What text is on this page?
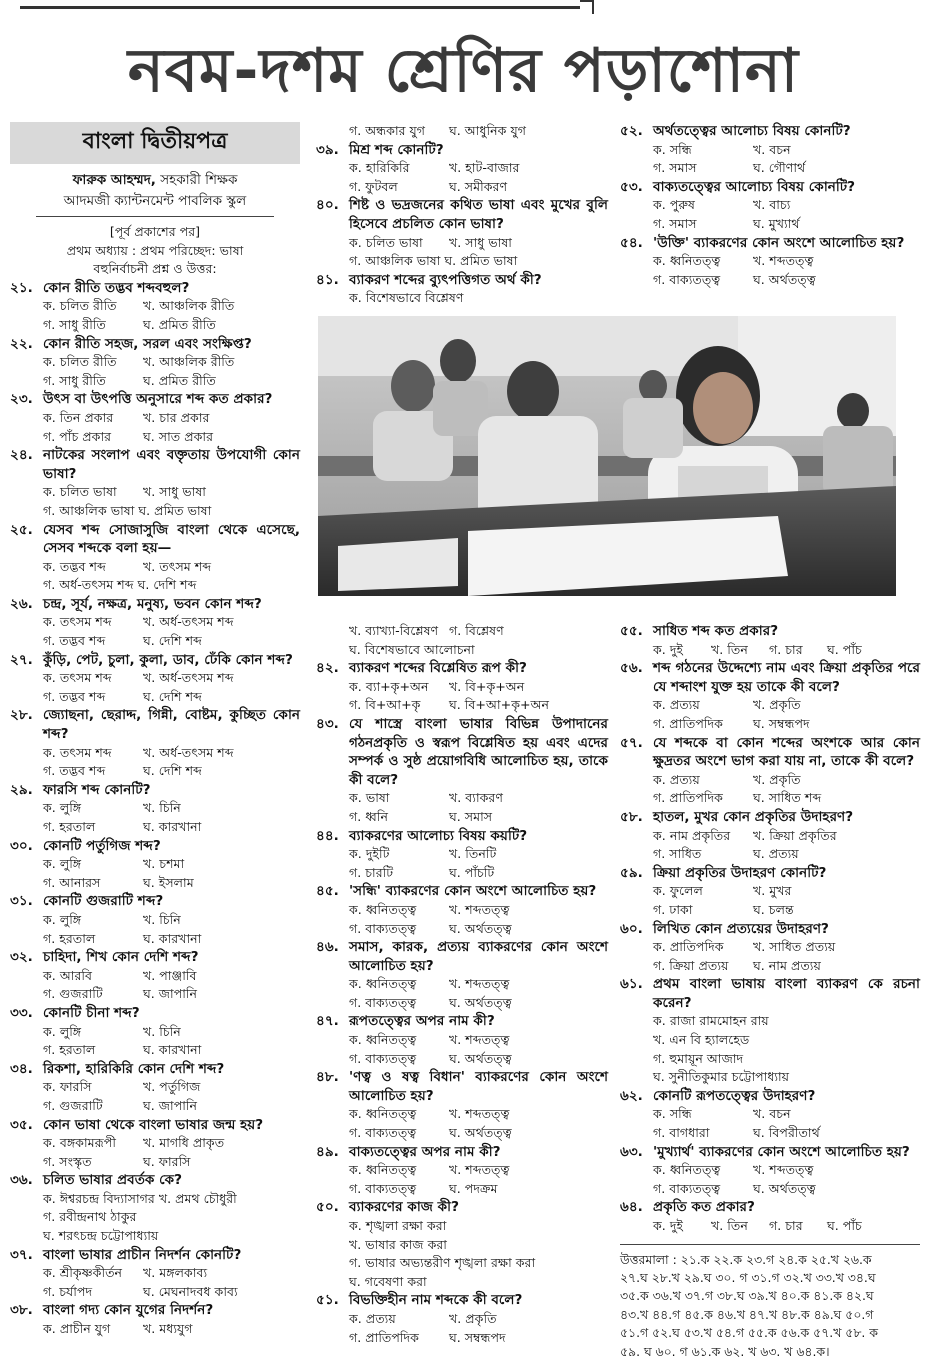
নবম-দশম শ্রেণির পড়াশোনা
বাংলা দ্বিতীয়পত্র
ফারুক আহম্মদ, সহকারী শিক্ষক
আদমজী ক্যান্টনমেন্ট পাবলিক স্কুল
[পূর্ব প্রকাশের পর]
প্রথম অধ্যায় : প্রথম পরিচ্ছেদ: ভাষা
বহুনির্বাচনী প্রশ্ন ও উত্তর:
২১. কোন রীতি তদ্ভব শব্দবহুল?
ক. চলিত রীতি	খ. আঞ্চলিক রীতি
গ. সাধু রীতি	ঘ. প্রমিত রীতি
২২. কোন রীতি সহজ, সরল এবং সংক্ষিপ্ত?
ক. চলিত রীতি	খ. আঞ্চলিক রীতি
গ. সাধু রীতি	ঘ. প্রমিত রীতি
২৩. উৎস বা উৎপত্তি অনুসারে শব্দ কত প্রকার?
ক. তিন প্রকার	খ. চার প্রকার
গ. পাঁচ প্রকার	ঘ. সাত প্রকার
২৪. নাটকের সংলাপ এবং বক্তৃতায় উপযোগী কোন ভাষা?
ক. চলিত ভাষা	খ. সাধু ভাষা
গ. আঞ্চলিক ভাষা ঘ. প্রমিত ভাষা
২৫. যেসব শব্দ সোজাসুজি বাংলা থেকে এসেছে, সেসব শব্দকে বলা হয়—
ক. তদ্ভব শব্দ	খ. তৎসম শব্দ
গ. অর্ধ-তৎসম শব্দ ঘ. দেশি শব্দ
২৬. চন্দ্র, সূর্য, নক্ষত্র, মনুষ্য, ভবন কোন শব্দ?
ক. তৎসম শব্দ	খ. অর্ধ-তৎসম শব্দ
গ. তদ্ভব শব্দ	ঘ. দেশি শব্দ
২৭. কুঁড়ি, পেট, চুলা, কুলা, ডাব, ঢেঁকি কোন শব্দ?
ক. তৎসম শব্দ	খ. অর্ধ-তৎসম শব্দ
গ. তদ্ভব শব্দ	ঘ. দেশি শব্দ
২৮. জ্যোছনা, ছেরাদ্দ, গিন্নী, বোষ্টম, কুচ্ছিত কোন শব্দ?
ক. তৎসম শব্দ	খ. অর্ধ-তৎসম শব্দ
গ. তদ্ভব শব্দ	ঘ. দেশি শব্দ
২৯. ফারসি শব্দ কোনটি?
ক. লুঙ্গি	খ. চিনি
গ. হরতাল	ঘ. কারখানা
৩০. কোনটি পর্তুগিজ শব্দ?
ক. লুঙ্গি	খ. চশমা
গ. আনারস	ঘ. ইসলাম
৩১. কোনটি গুজরাটি শব্দ?
ক. লুঙ্গি	খ. চিনি
গ. হরতাল	ঘ. কারখানা
৩২. চাহিদা, শিখ কোন দেশি শব্দ?
ক. আরবি	খ. পাঞ্জাবি
গ. গুজরাটি	ঘ. জাপানি
৩৩. কোনটি চীনা শব্দ?
ক. লুঙ্গি	খ. চিনি
গ. হরতাল	ঘ. কারখানা
৩৪. রিকশা, হারিকিরি কোন দেশি শব্দ?
ক. ফারসি	খ. পর্তুগিজ
গ. গুজরাটি	ঘ. জাপানি
৩৫. কোন ভাষা থেকে বাংলা ভাষার জন্ম হয়?
ক. বঙ্গকামরূপী	খ. মাগধি প্রাকৃত
গ. সংস্কৃত	ঘ. ফারসি
৩৬. চলিত ভাষার প্রবর্তক কে?
ক. ঈশ্বরচন্দ্র বিদ্যাসাগর খ. প্রমথ চৌধুরী
গ. রবীন্দ্রনাথ ঠাকুর
ঘ. শরৎচন্দ্র চট্টোপাধ্যায়
৩৭. বাংলা ভাষার প্রাচীন নিদর্শন কোনটি?
ক. শ্রীকৃষ্ণকীর্তন	খ. মঙ্গলকাব্য
গ. চর্যাপদ	ঘ. মেঘনাদবধ কাব্য
৩৮. বাংলা গদ্য কোন যুগের নিদর্শন?
ক. প্রাচীন যুগ	খ. মধ্যযুগ
গ. অন্ধকার যুগ	ঘ. আধুনিক যুগ
৩৯. মিশ্র শব্দ কোনটি?
ক. হারিকিরি	খ. হাট-বাজার
গ. ফুটবল	ঘ. সমীকরণ
৪০. শিষ্ট ও ভদ্রজনের কথিত ভাষা এবং মুখের বুলি হিসেবে প্রচলিত কোন ভাষা?
ক. চলিত ভাষা	খ. সাধু ভাষা
গ. আঞ্চলিক ভাষা ঘ. প্রমিত ভাষা
৪১. ব্যাকরণ শব্দের ব্যুৎপত্তিগত অর্থ কী?
ক. বিশেষভাবে বিশ্লেষণ
খ. ব্যাখ্যা-বিশ্লেষণ গ. বিশ্লেষণ
ঘ. বিশেষভাবে আলোচনা
৪২. ব্যাকরণ শব্দের বিশ্লেষিত রূপ কী?
ক. ব্যা+কৃ+অন	খ. বি+কৃ+অন
গ. বি+আ+কৃ	ঘ. বি+আ+কৃ+অন
৪৩. যে শাস্ত্রে বাংলা ভাষার বিভিন্ন উপাদানের গঠনপ্রকৃতি ও স্বরূপ বিশ্লেষিত হয় এবং এদের সম্পর্ক ও সুষ্ঠ প্রয়োগবিধি আলোচিত হয়, তাকে কী বলে?
ক. ভাষা	খ. ব্যাকরণ
গ. ধ্বনি	ঘ. সমাস
৪৪. ব্যাকরণের আলোচ্য বিষয় কয়টি?
ক. দুইটি	খ. তিনটি
গ. চারটি	ঘ. পাঁচটি
৪৫. 'সন্ধি' ব্যাকরণের কোন অংশে আলোচিত হয়?
ক. ধ্বনিতত্ত্ব	খ. শব্দতত্ত্ব
গ. বাক্যতত্ত্ব	ঘ. অর্থতত্ত্ব
৪৬. সমাস, কারক, প্রত্যয় ব্যাকরণের কোন অংশে আলোচিত হয়?
ক. ধ্বনিতত্ত্ব	খ. শব্দতত্ত্ব
গ. বাক্যতত্ত্ব	ঘ. অর্থতত্ত্ব
৪৭. রূপতত্ত্বের অপর নাম কী?
ক. ধ্বনিতত্ত্ব	খ. শব্দতত্ত্ব
গ. বাক্যতত্ত্ব	ঘ. অর্থতত্ত্ব
৪৮. 'ণত্ব ও ষত্ব বিধান' ব্যাকরণের কোন অংশে আলোচিত হয়?
ক. ধ্বনিতত্ত্ব	খ. শব্দতত্ত্ব
গ. বাক্যতত্ত্ব	ঘ. অর্থতত্ত্ব
৪৯. বাক্যতত্ত্বের অপর নাম কী?
ক. ধ্বনিতত্ত্ব	খ. শব্দতত্ত্ব
গ. বাক্যতত্ত্ব	ঘ. পদক্রম
৫০. ব্যাকরণের কাজ কী?
ক. শৃঙ্খলা রক্ষা করা
খ. ভাষার কাজ করা
গ. ভাষার অভ্যন্তরীণ শৃঙ্খলা রক্ষা করা
ঘ. গবেষণা করা
৫১. বিভক্তিহীন নাম শব্দকে কী বলে?
ক. প্রত্যয়	খ. প্রকৃতি
গ. প্রাতিপদিক	ঘ. সম্বন্ধপদ
৫২. অর্থতত্ত্বের আলোচ্য বিষয় কোনটি?
ক. সন্ধি	খ. বচন
গ. সমাস	ঘ. গৌণার্থ
৫৩. বাক্যতত্ত্বের আলোচ্য বিষয় কোনটি?
ক. পুরুষ	খ. বাচ্য
গ. সমাস	ঘ. মুখ্যার্থ
৫৪. 'উক্তি' ব্যাকরণের কোন অংশে আলোচিত হয়?
ক. ধ্বনিতত্ত্ব	খ. শব্দতত্ত্ব
গ. বাক্যতত্ত্ব	ঘ. অর্থতত্ত্ব
৫৫. সাধিত শব্দ কত প্রকার?
ক. দুই	খ. তিন	গ. চার	ঘ. পাঁচ
৫৬. শব্দ গঠনের উদ্দেশ্যে নাম এবং ক্রিয়া প্রকৃতির পরে যে শব্দাংশ যুক্ত হয় তাকে কী বলে?
ক. প্রত্যয়	খ. প্রকৃতি
গ. প্রাতিপদিক	ঘ. সম্বন্ধপদ
৫৭. যে শব্দকে বা কোন শব্দের অংশকে আর কোন ক্ষুদ্রতর অংশে ভাগ করা যায় না, তাকে কী বলে?
ক. প্রত্যয়	খ. প্রকৃতি
গ. প্রাতিপদিক	ঘ. সাধিত শব্দ
৫৮. হাতল, মুখর কোন প্রকৃতির উদাহরণ?
ক. নাম প্রকৃতির	খ. ক্রিয়া প্রকৃতির
গ. সাধিত	ঘ. প্রত্যয়
৫৯. ক্রিয়া প্রকৃতির উদাহরণ কোনটি?
ক. ফুলেল	খ. মুখর
গ. ঢাকা	ঘ. চলন্ত
৬০. লিখিত কোন প্রত্যয়ের উদাহরণ?
ক. প্রাতিপদিক	খ. সাধিত প্রত্যয়
গ. ক্রিয়া প্রত্যয়	ঘ. নাম প্রত্যয়
৬১. প্রথম বাংলা ভাষায় বাংলা ব্যাকরণ কে রচনা করেন?
ক. রাজা রামমোহন রায়
খ. এন বি হ্যালহেড
গ. হুমায়ূন আজাদ
ঘ. সুনীতিকুমার চট্টোপাধ্যায়
৬২. কোনটি রূপতত্ত্বের উদাহরণ?
ক. সন্ধি	খ. বচন
গ. বাগধারা	ঘ. বিপরীতার্থ
৬৩. 'মুখ্যার্থ' ব্যাকরণের কোন অংশে আলোচিত হয়?
ক. ধ্বনিতত্ত্ব	খ. শব্দতত্ত্ব
গ. বাক্যতত্ত্ব	ঘ. অর্থতত্ত্ব
৬৪. প্রকৃতি কত প্রকার?
ক. দুই	খ. তিন	গ. চার	ঘ. পাঁচ
উত্তরমালা : ২১.ক ২২.ক ২৩.গ ২৪.ক ২৫.খ ২৬.ক
২৭.ঘ ২৮.খ ২৯.ঘ ৩০. গ ৩১.গ ৩২.খ ৩৩.খ ৩৪.ঘ
৩৫.ক ৩৬.খ ৩৭.গ ৩৮.ঘ ৩৯.খ ৪০.ক ৪১.ক ৪২.ঘ
৪৩.খ ৪৪.গ ৪৫.ক ৪৬.খ ৪৭.খ ৪৮.ক ৪৯.ঘ ৫০.গ
৫১.গ ৫২.ঘ ৫৩.খ ৫৪.গ ৫৫.ক ৫৬.ক ৫৭.খ ৫৮. ক
৫৯. ঘ ৬০. গ ৬১.ক ৬২. খ ৬৩. খ ৬৪.ক।
